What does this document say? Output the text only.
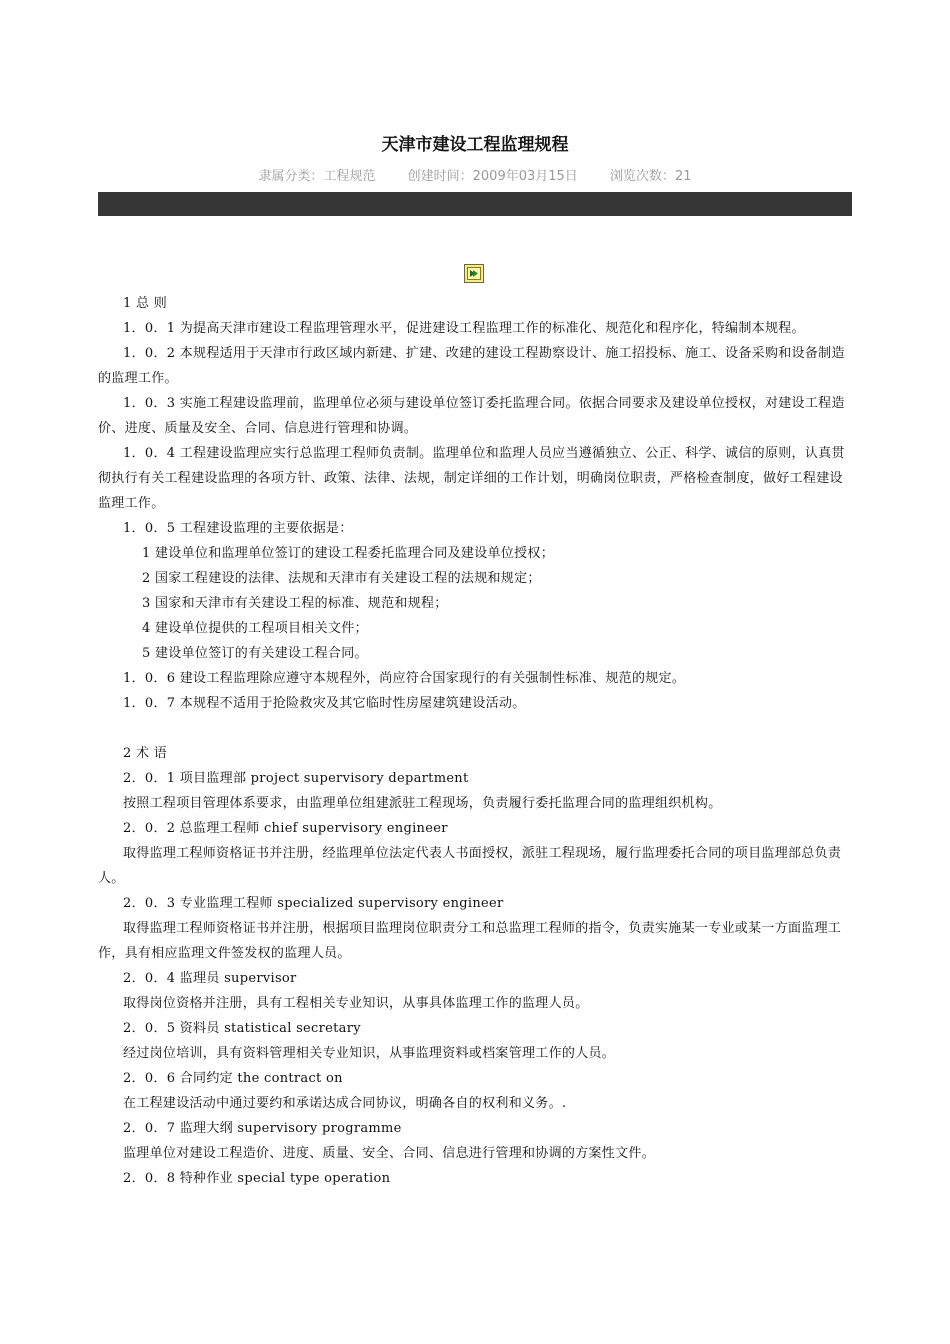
天津市建设工程监理规程
隶属分类：工程规范 创建时间：2009年03月15日 浏览次数：21

1 总 则

1．0．1 为提高天津市建设工程监理管理水平，促进建设工程监理工作的标准化、规范化和程序化，特编制本规程。

1．0．2 本规程适用于天津市行政区域内新建、扩建、改建的建设工程勘察设计、施工招投标、施工、设备采购和设备制造的监理工作。

1．0．3 实施工程建设监理前，监理单位必须与建设单位签订委托监理合同。依据合同要求及建设单位授权，对建设工程造价、进度、质量及安全、合同、信息进行管理和协调。

1．0．4 工程建设监理应实行总监理工程师负责制。监理单位和监理人员应当遵循独立、公正、科学、诚信的原则，认真贯彻执行有关工程建设监理的各项方针、政策、法律、法规，制定详细的工作计划，明确岗位职责，严格检查制度，做好工程建设监理工作。

1．0．5 工程建设监理的主要依据是：

1 建设单位和监理单位签订的建设工程委托监理合同及建设单位授权；

2 国家工程建设的法律、法规和天津市有关建设工程的法规和规定；

3 国家和天津市有关建设工程的标准、规范和规程；

4 建设单位提供的工程项目相关文件；

5 建设单位签订的有关建设工程合同。

1．0．6 建设工程监理除应遵守本规程外，尚应符合国家现行的有关强制性标准、规范的规定。

1．0．7 本规程不适用于抢险救灾及其它临时性房屋建筑建设活动。

2 术 语

2．0．1 项目监理部 project supervisory department

按照工程项目管理体系要求，由监理单位组建派驻工程现场，负责履行委托监理合同的监理组织机构。

2．0．2 总监理工程师 chief supervisory engineer

取得监理工程师资格证书并注册，经监理单位法定代表人书面授权，派驻工程现场，履行监理委托合同的项目监理部总负责人。

2．0．3 专业监理工程师 specialized supervisory engineer

取得监理工程师资格证书并注册，根据项目监理岗位职责分工和总监理工程师的指令，负责实施某一专业或某一方面监理工作，具有相应监理文件签发权的监理人员。

2．0．4 监理员 supervisor

取得岗位资格并注册，具有工程相关专业知识，从事具体监理工作的监理人员。

2．0．5 资料员 statistical secretary

经过岗位培训，具有资料管理相关专业知识，从事监理资料或档案管理工作的人员。

2．0．6 合同约定 the contract on

在工程建设活动中通过要约和承诺达成合同协议，明确各自的权利和义务。.

2．0．7 监理大纲 supervisory programme

监理单位对建设工程造价、进度、质量、安全、合同、信息进行管理和协调的方案性文件。

2．0．8 特种作业 special type operation
